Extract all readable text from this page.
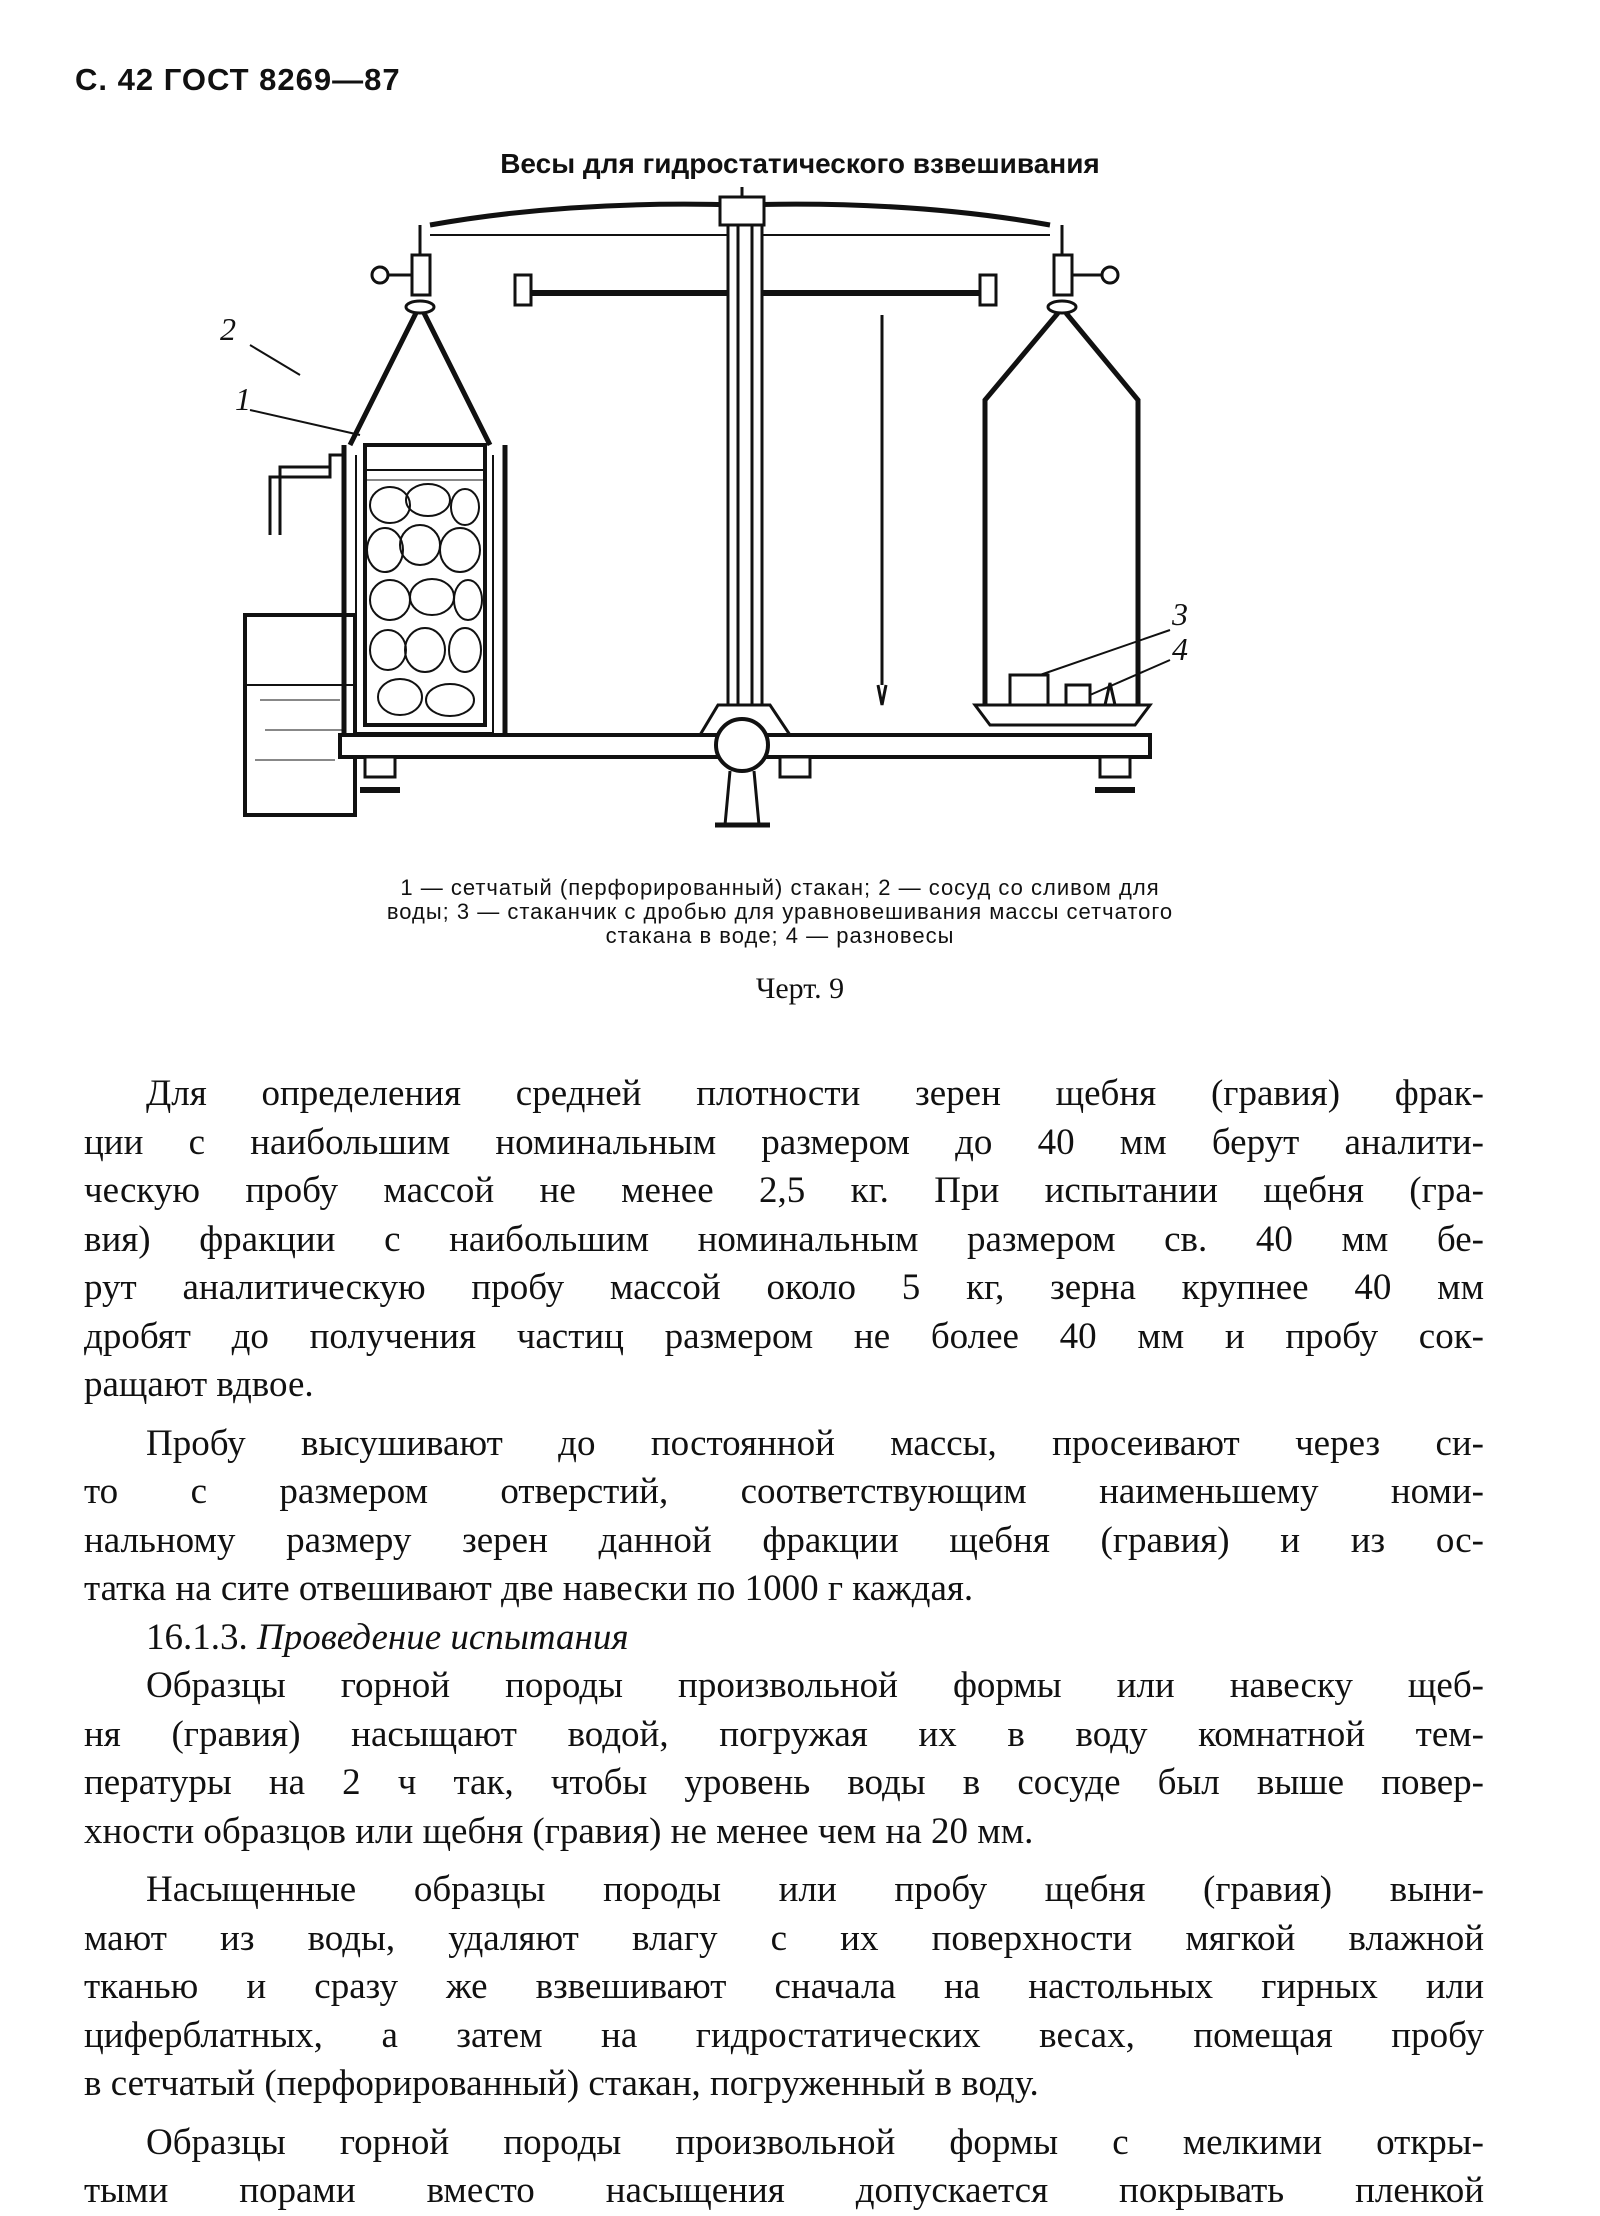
С. 42 ГОСТ 8269—87
Весы для гидростатического взвешивания
1
2
3
4
1 — сетчатый (перфорированный) стакан; 2 — сосуд со сливом для
воды; 3 — стаканчик с дробью для уравновешивания массы сетчатого
стакана в воде; 4 — разновесы
Черт. 9

Для определения средней плотности зерен щебня (гравия) фрак-
ции с наибольшим номинальным размером до 40 мм берут аналити-
ческую пробу массой не менее 2,5 кг. При испытании щебня (гра-
вия) фракции с наибольшим номинальным размером св. 40 мм бе-
рут аналитическую пробу массой около 5 кг, зерна крупнее 40 мм
дробят до получения частиц размером не более 40 мм и пробу сок-

ращают вдвое.

Пробу высушивают до постоянной массы, просеивают через си-
то с размером отверстий, соответствующим наименьшему номи-
нальному размеру зерен данной фракции щебня (гравия) и из ос-

татка на сите отвешивают две навески по 1000 г каждая.

16.1.3. Проведение испытания

Образцы горной породы произвольной формы или навеску щеб-
ня (гравия) насыщают водой, погружая их в воду комнатной тем-
пературы на 2 ч так, чтобы уровень воды в сосуде был выше повер-

хности образцов или щебня (гравия) не менее чем на 20 мм.

Насыщенные образцы породы или пробу щебня (гравия) выни-
мают из воды, удаляют влагу с их поверхности мягкой влажной
тканью и сразу же взвешивают сначала на настольных гирных или
циферблатных, а затем на гидростатических весах, помещая пробу

в сетчатый (перфорированный) стакан, погруженный в воду.

Образцы горной породы произвольной формы с мелкими откры-
тыми порами вместо насыщения допускается покрывать пленкой
